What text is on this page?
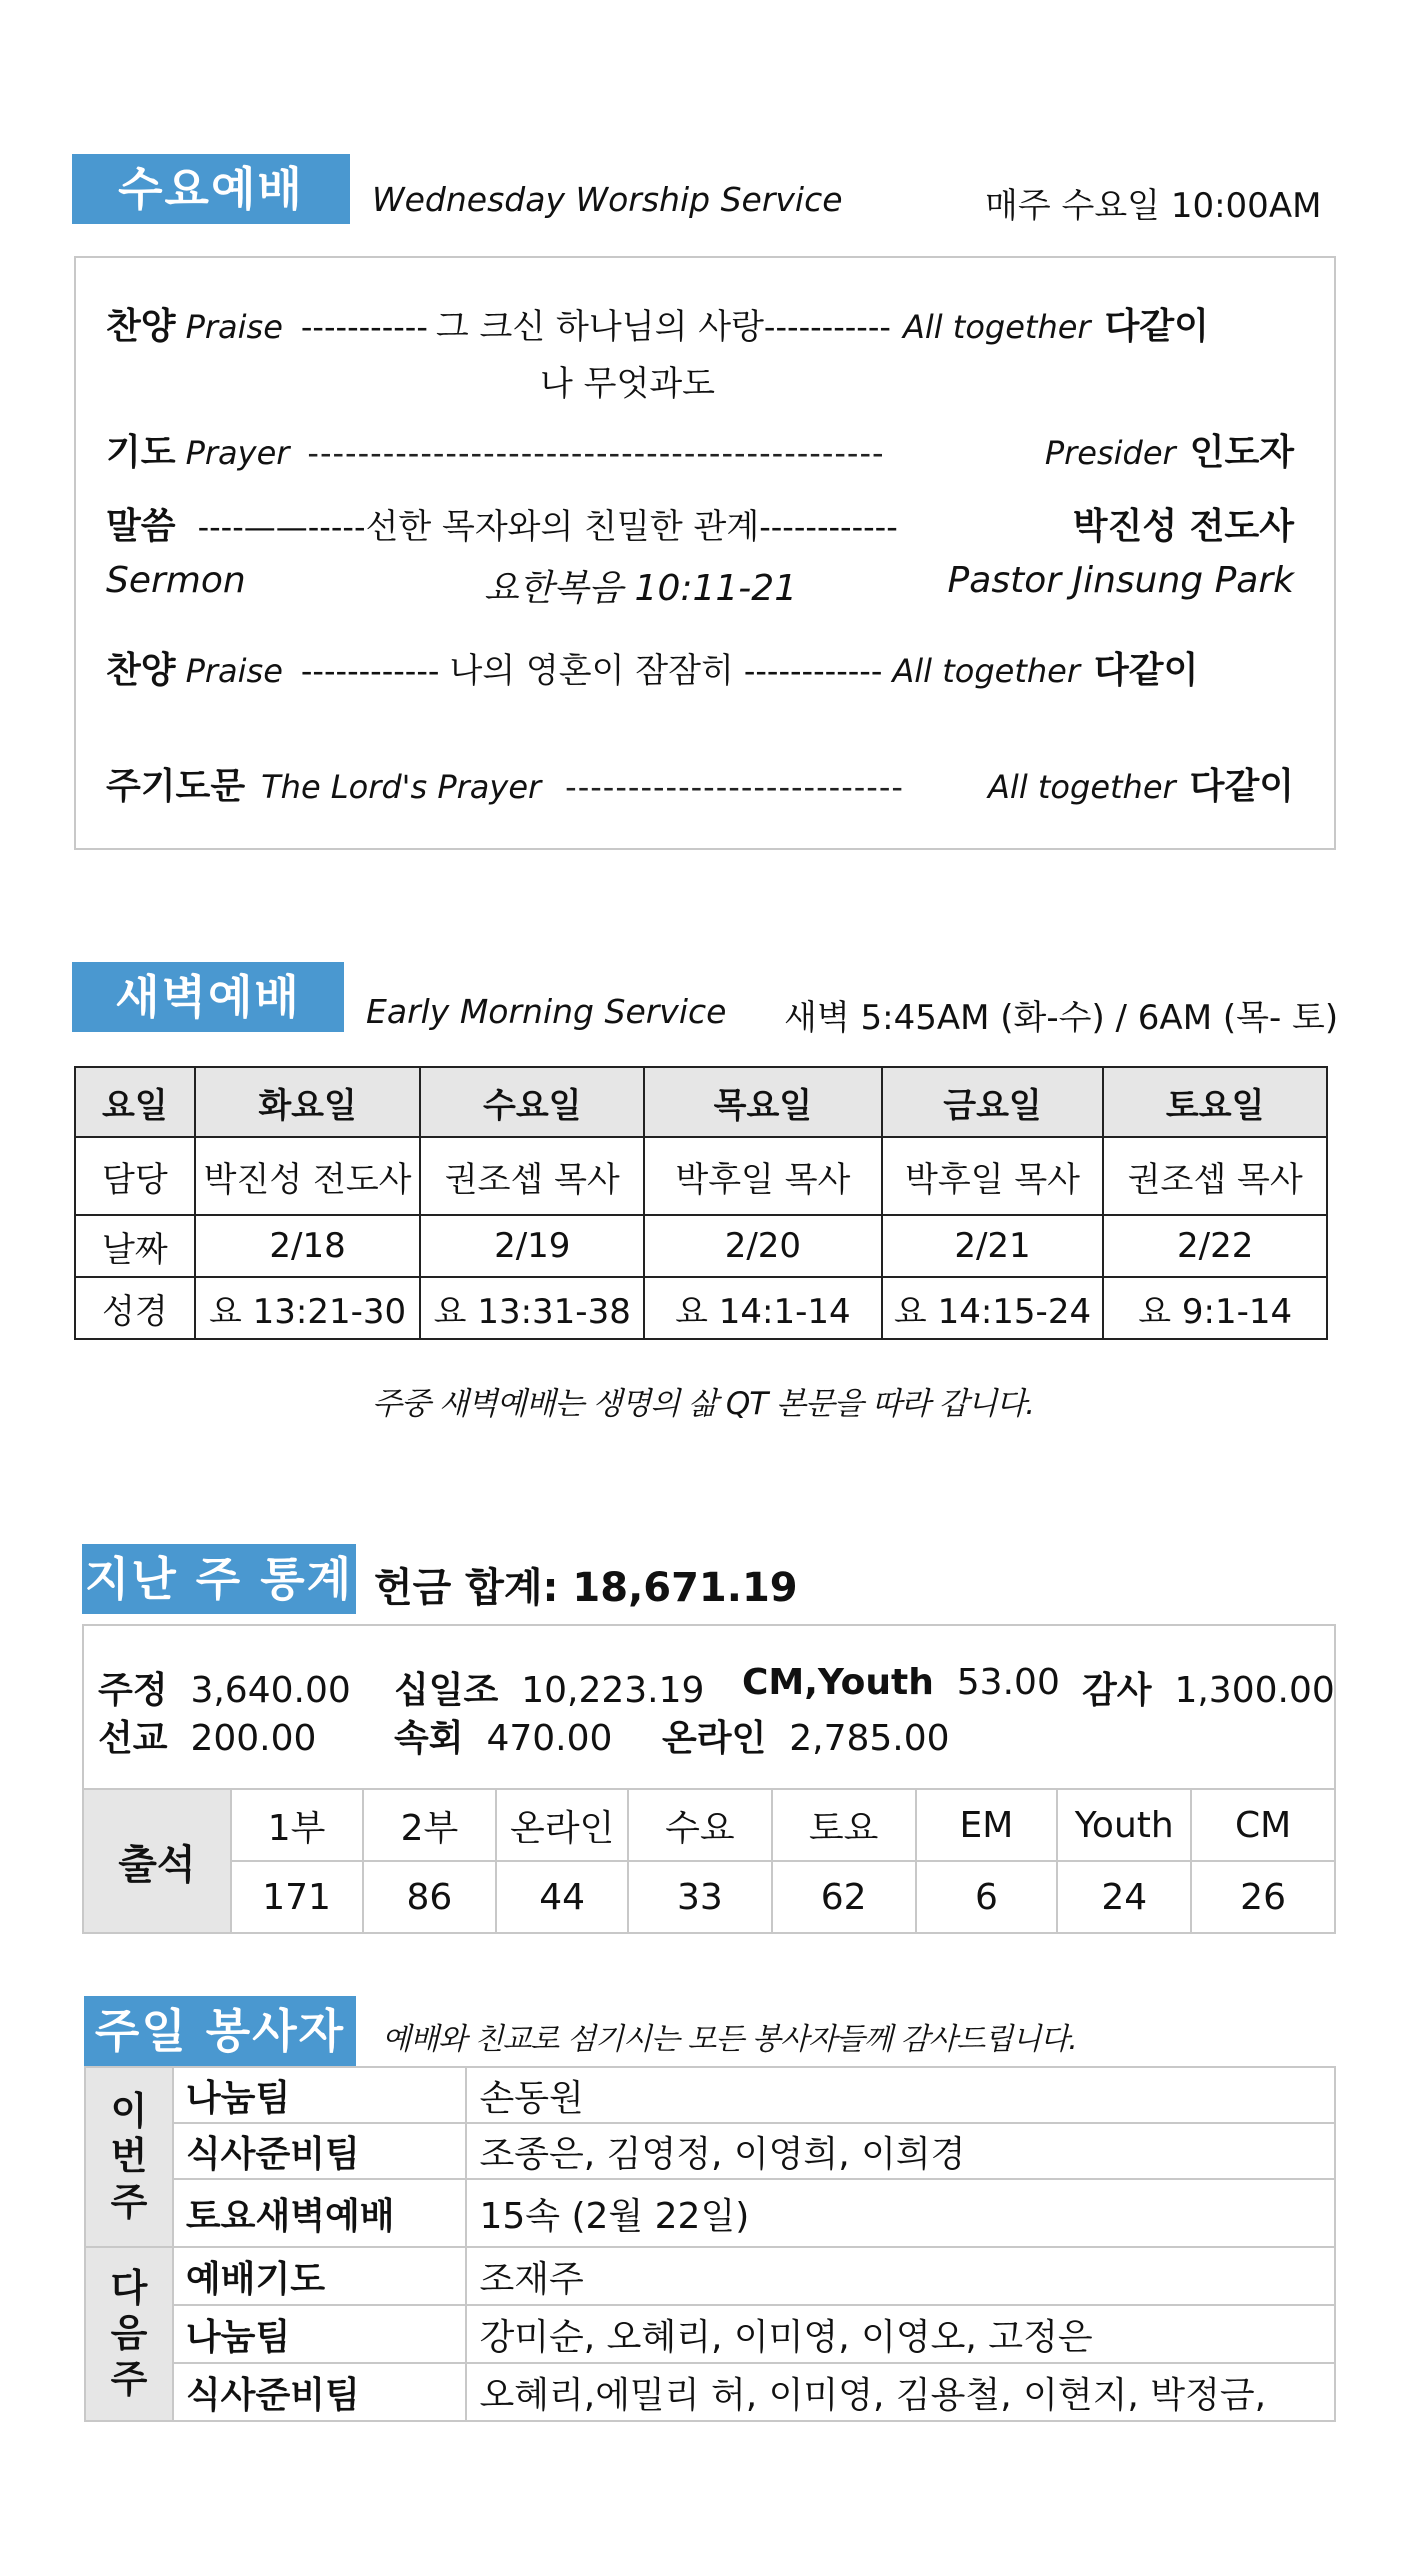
수요예배	Wednesday Worship Service	매주 수요일 10:00AM
찬양 Praise ----------- 그 크신 하나님의 사랑 ----------- All together 다같이
나 무엇과도
기도 Prayer ----------------------------------------------	Presider 인도자
말씀 ----——----- 선한 목자와의 친밀한 관계 ------------	박진성 전도사
Sermon	요한복음 10:11-21	Pastor Jinsung Park
찬양 Praise ------------ 나의 영혼이 잠잠히 ------------ All together 다같이
주기도문 The Lord's Prayer ---------------------------	All together 다같이
새벽예배	Early Morning Service 새벽 5:45AM (화-수) / 6AM (목- 토)
요일	화요일	수요일	목요일	금요일	토요일
담당	박진성 전도사	권조셉 목사	박후일 목사	박후일 목사	권조셉 목사
날짜	2/18	2/19	2/20	2/21	2/22
성경	요 13:21-30	요 13:31-38	요 14:1-14	요 14:15-24	요 9:1-14
주중 새벽예배는 생명의 삶 QT 본문을 따라 갑니다.
지난 주 통계 헌금 합계: 18,671.19
주정 3,640.00 십일조 10,223.19 CM,Youth 53.00 감사 1,300.00
선교 200.00 속회 470.00 온라인 2,785.00
출석	1부	2부	온라인	수요	토요	EM	Youth	CM
	171	86	44	33	62	6	24	26
주일 봉사자	예배와 친교로 섬기시는 모든 봉사자들께 감사드립니다.
이번주	나눔팀	손동원
	식사준비팀	조종은, 김영정, 이영희, 이희경
	토요새벽예배	15속 (2월 22일)

다음주	예배기도	조재주
	나눔팀	강미순, 오혜리, 이미영, 이영오, 고정은
	식사준비팀	오혜리,에밀리 허, 이미영, 김용철, 이현지, 박정금,
